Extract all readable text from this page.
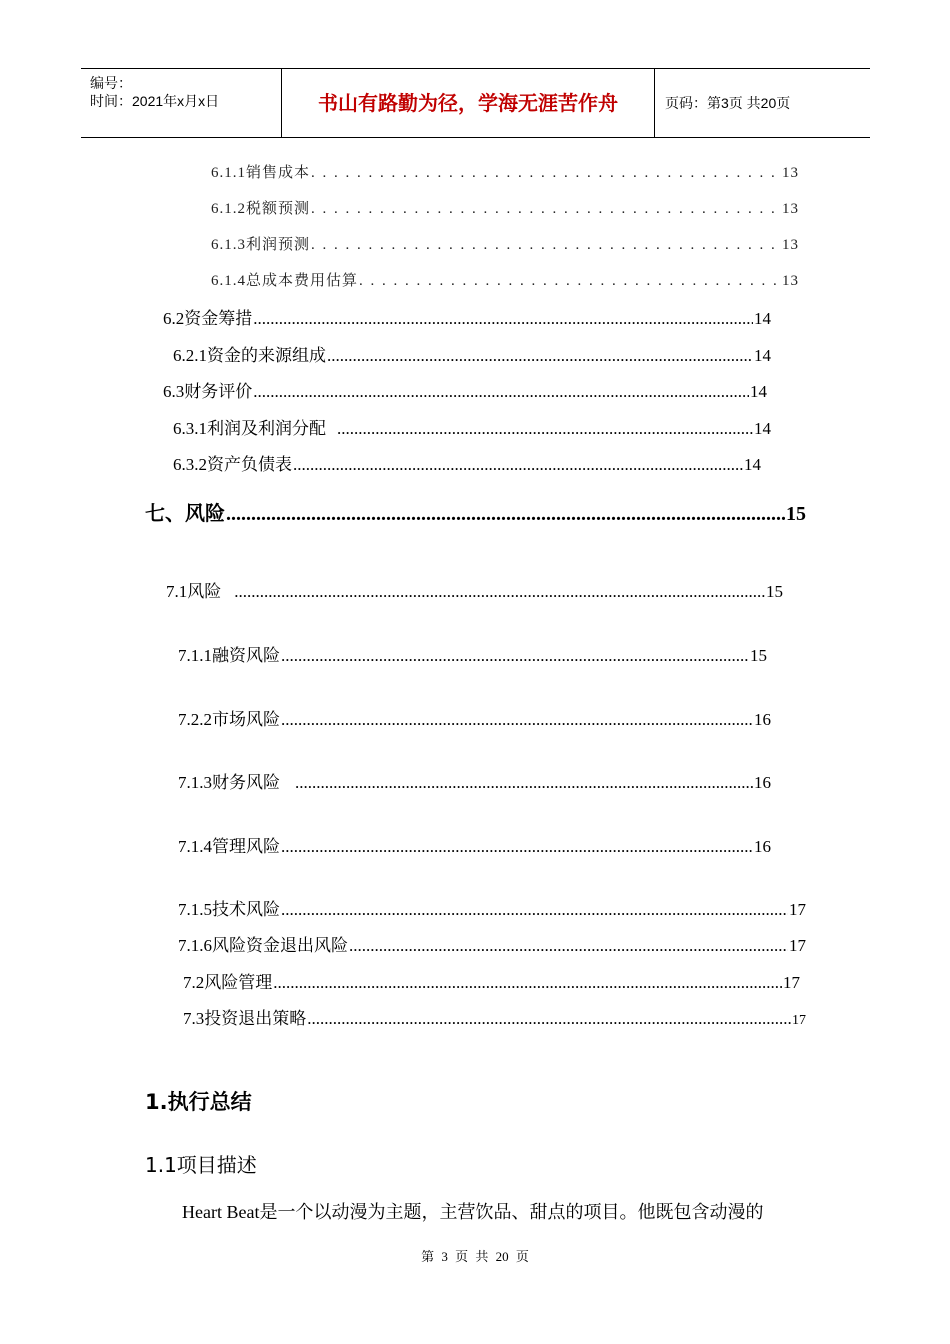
编号：
时间：2021年x月x日	书山有路勤为径，学海无涯苦作舟	页码：第3页 共20页
6.1.1销售成本 . . .	13
6.1.2税额预测 . . .	13
6.1.3利润预测 . . .	13
6.1.4总成本费用估算 . . .	13
6.2资金筹措 .....	14
6.2.1资金的来源组成 .....	14
6.3财务评价 .....	14
6.3.1利润及利润分配 .....	14
6.3.2资产负债表 .....	14
七、风险 .....	15
7.1风险 .....	15
7.1.1融资风险 .....	15
7.2.2市场风险 .....	16
7.1.3财务风险 .....	16
7.1.4管理风险 .....	16
7.1.5技术风险 .....	17
7.1.6风险资金退出风险 .....	17
7.2风险管理 .....	17
7.3投资退出策略 .....	17
1.执行总结
1.1项目描述
Heart Beat是一个以动漫为主题，主营饮品、甜点的项目。他既包含动漫的
第 3 页 共 20 页
